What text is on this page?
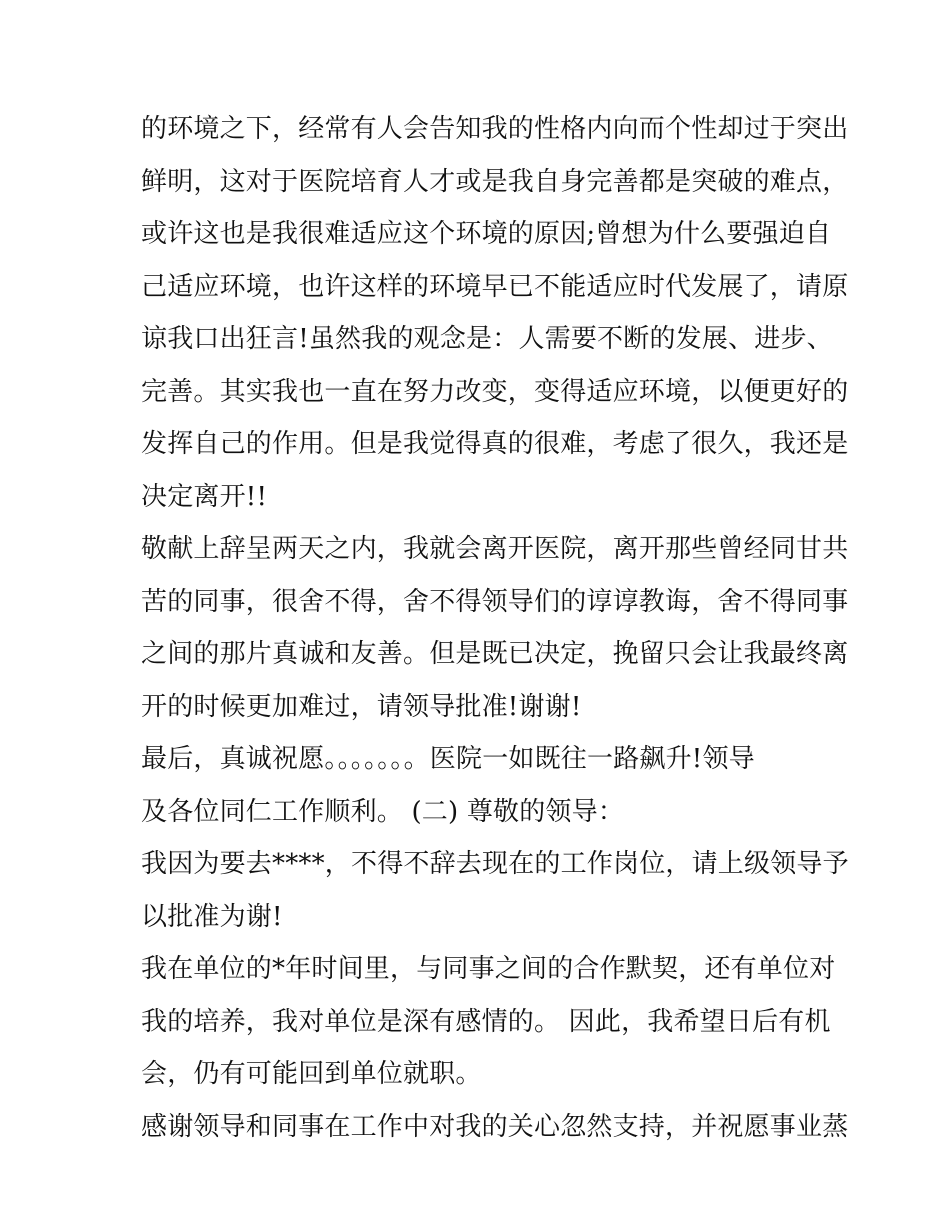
的环境之下，经常有人会告知我的性格内向而个性却过于突出
鲜明，这对于医院培育人才或是我自身完善都是突破的难点，
或许这也是我很难适应这个环境的原因;曾想为什么要强迫自
己适应环境，也许这样的环境早已不能适应时代发展了，请原
谅我口出狂言!虽然我的观念是：人需要不断的发展、进步、
完善。其实我也一直在努力改变，变得适应环境，以便更好的
发挥自己的作用。但是我觉得真的很难，考虑了很久，我还是
决定离开!!
敬献上辞呈两天之内，我就会离开医院，离开那些曾经同甘共
苦的同事，很舍不得，舍不得领导们的谆谆教诲，舍不得同事
之间的那片真诚和友善。但是既已决定，挽留只会让我最终离
开的时候更加难过，请领导批准!谢谢!
最后，真诚祝愿。。。。。。。医院一如既往一路飙升!领导
及各位同仁工作顺利。 (二) 尊敬的领导：
我因为要去****，不得不辞去现在的工作岗位，请上级领导予
以批准为谢!
我在单位的*年时间里，与同事之间的合作默契，还有单位对
我的培养，我对单位是深有感情的。 因此，我希望日后有机
会，仍有可能回到单位就职。
感谢领导和同事在工作中对我的关心忽然支持，并祝愿事业蒸
